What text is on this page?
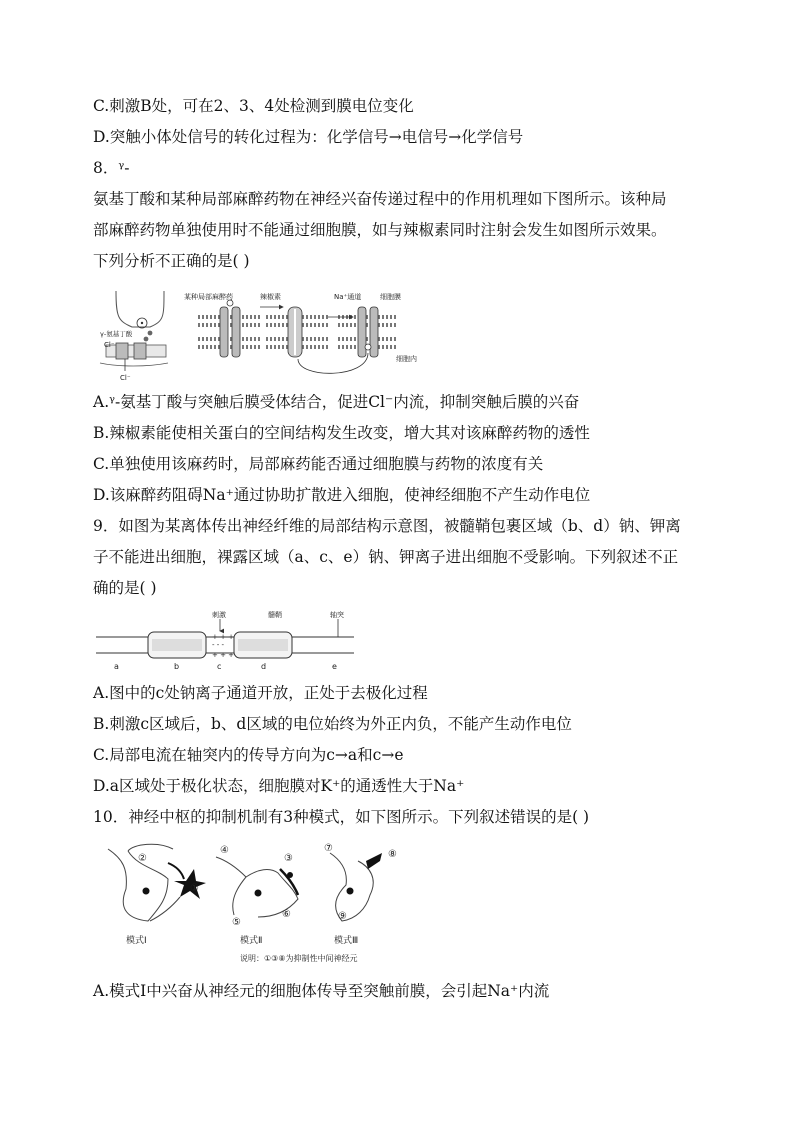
C.刺激B处，可在2、3、4处检测到膜电位变化
D.突触小体处信号的转化过程为：化学信号→电信号→化学信号
8．ᵞ-
氨基丁酸和某种局部麻醉药物在神经兴奋传递过程中的作用机理如下图所示。该种局
部麻醉药物单独使用时不能通过细胞膜，如与辣椒素同时注射会发生如图所示效果。
下列分析不正确的是( )
γ-氨基丁酸
Cl⁻
Cl⁻
某种局部麻醉药	辣椒素	Na⁺通道	细胞膜
细胞内
A.ᵞ-氨基丁酸与突触后膜受体结合，促进Cl⁻内流，抑制突触后膜的兴奋
B.辣椒素能使相关蛋白的空间结构发生改变，增大其对该麻醉药物的透性
C.单独使用该麻药时，局部麻药能否通过细胞膜与药物的浓度有关
D.该麻醉药阻碍Na⁺通过协助扩散进入细胞，使神经细胞不产生动作电位
9．如图为某离体传出神经纤维的局部结构示意图，被髓鞘包裹区域（b、d）钠、钾离
子不能进出细胞，裸露区域（a、c、e）钠、钾离子进出细胞不受影响。下列叙述不正
确的是( )
+ + +
- - -
+ + +
刺激	髓鞘	轴突
a	b	c	d	e
A.图中的c处钠离子通道开放，正处于去极化过程
B.刺激c区域后，b、d区域的电位始终为外正内负，不能产生动作电位
C.局部电流在轴突内的传导方向为c→a和c→e
D.a区域处于极化状态，细胞膜对K⁺的通透性大于Na⁺
10．神经中枢的抑制机制有3种模式，如下图所示。下列叙述错误的是( )
②
①
模式Ⅰ
④
③
⑤
⑥
模式Ⅱ
⑦
⑧
⑨
模式Ⅲ
说明：①③⑧为抑制性中间神经元
A.模式Ⅰ中兴奋从神经元的细胞体传导至突触前膜，会引起Na⁺内流
